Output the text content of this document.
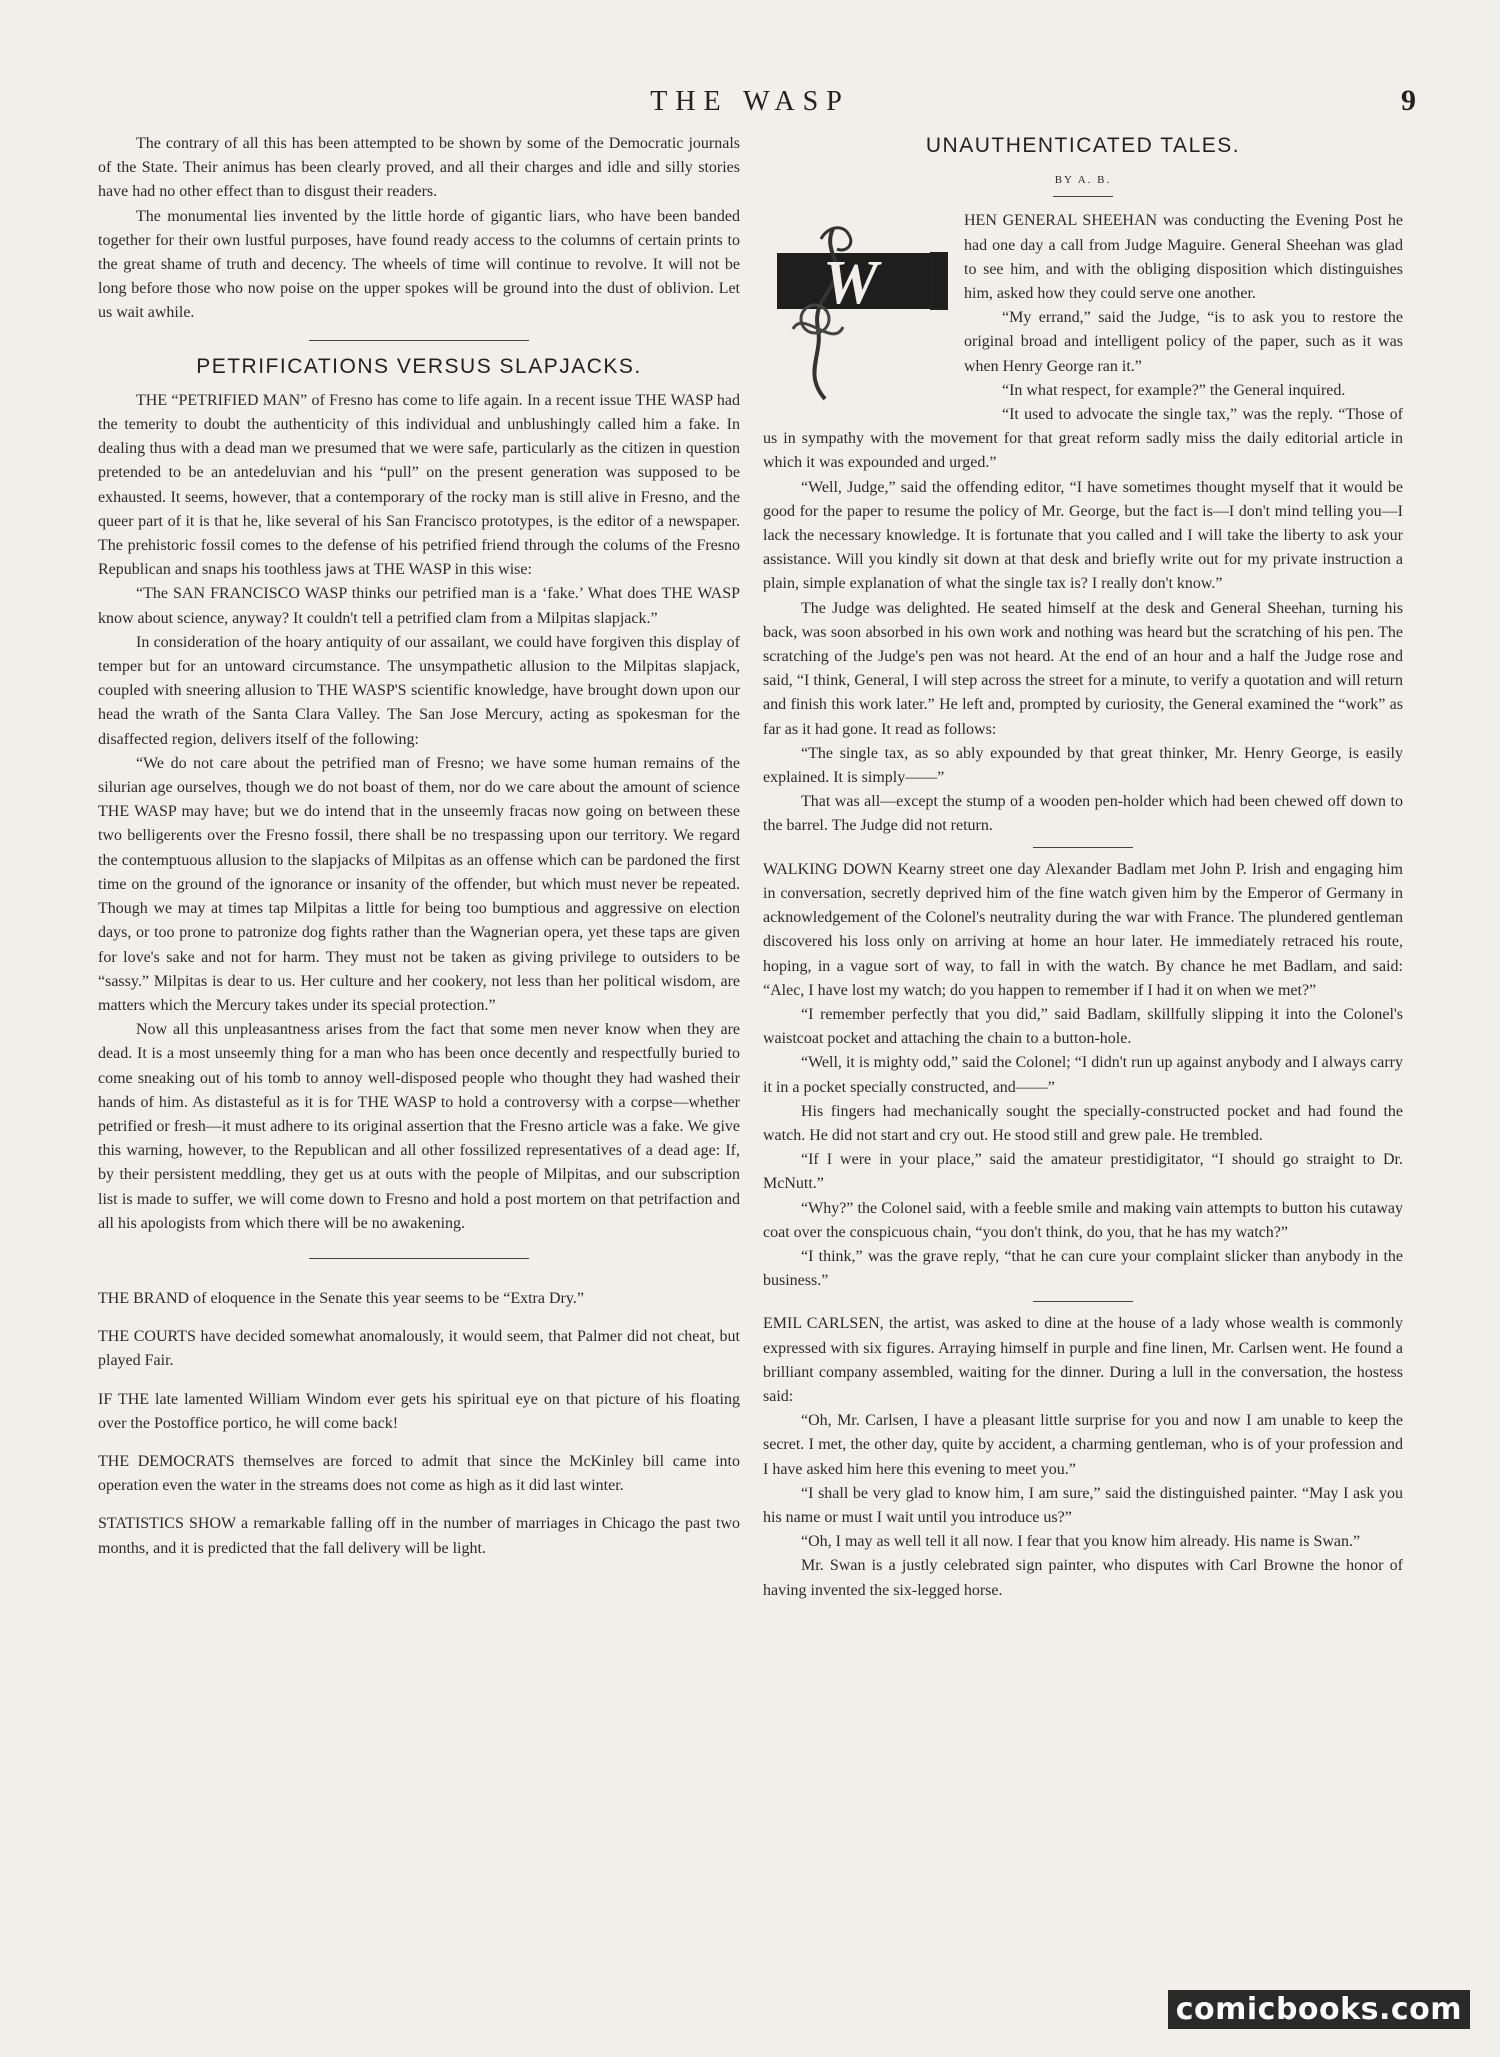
THE WASP	9

The contrary of all this has been attempted to be shown by some of the Democratic journals of the State. Their animus has been clearly proved, and all their charges and idle and silly stories have had no other effect than to disgust their readers.

The monumental lies invented by the little horde of gigantic liars, who have been banded together for their own lustful purposes, have found ready access to the columns of certain prints to the great shame of truth and decency. The wheels of time will continue to revolve. It will not be long before those who now poise on the upper spokes will be ground into the dust of oblivion. Let us wait awhile.

PETRIFICATIONS VERSUS SLAPJACKS.

THE “PETRIFIED MAN” of Fresno has come to life again. In a recent issue THE WASP had the temerity to doubt the authenticity of this individual and unblushingly called him a fake. In dealing thus with a dead man we presumed that we were safe, particularly as the citizen in question pretended to be an antedeluvian and his “pull” on the present generation was supposed to be exhausted. It seems, however, that a contemporary of the rocky man is still alive in Fresno, and the queer part of it is that he, like several of his San Francisco prototypes, is the editor of a newspaper. The prehistoric fossil comes to the defense of his petrified friend through the colums of the Fresno Republican and snaps his toothless jaws at THE WASP in this wise:

“The SAN FRANCISCO WASP thinks our petrified man is a ‘fake.’ What does THE WASP know about science, anyway? It couldn't tell a petrified clam from a Milpitas slapjack.”

In consideration of the hoary antiquity of our assailant, we could have forgiven this display of temper but for an untoward circumstance. The unsympathetic allusion to the Milpitas slapjack, coupled with sneering allusion to THE WASP'S scientific knowledge, have brought down upon our head the wrath of the Santa Clara Valley. The San Jose Mercury, acting as spokesman for the disaffected region, delivers itself of the following:

“We do not care about the petrified man of Fresno; we have some human remains of the silurian age ourselves, though we do not boast of them, nor do we care about the amount of science THE WASP may have; but we do intend that in the unseemly fracas now going on between these two belligerents over the Fresno fossil, there shall be no trespassing upon our territory. We regard the contemptuous allusion to the slapjacks of Milpitas as an offense which can be pardoned the first time on the ground of the ignorance or insanity of the offender, but which must never be repeated. Though we may at times tap Milpitas a little for being too bumptious and aggressive on election days, or too prone to patronize dog fights rather than the Wagnerian opera, yet these taps are given for love's sake and not for harm. They must not be taken as giving privilege to outsiders to be “sassy.” Milpitas is dear to us. Her culture and her cookery, not less than her political wisdom, are matters which the Mercury takes under its special protection.”

Now all this unpleasantness arises from the fact that some men never know when they are dead. It is a most unseemly thing for a man who has been once decently and respectfully buried to come sneaking out of his tomb to annoy well-disposed people who thought they had washed their hands of him. As distasteful as it is for THE WASP to hold a controversy with a corpse—whether petrified or fresh—it must adhere to its original assertion that the Fresno article was a fake. We give this warning, however, to the Republican and all other fossilized representatives of a dead age: If, by their persistent meddling, they get us at outs with the people of Milpitas, and our subscription list is made to suffer, we will come down to Fresno and hold a post mortem on that petrifaction and all his apologists from which there will be no awakening.

THE BRAND of eloquence in the Senate this year seems to be “Extra Dry.”

THE COURTS have decided somewhat anomalously, it would seem, that Palmer did not cheat, but played Fair.

IF THE late lamented William Windom ever gets his spiritual eye on that picture of his floating over the Postoffice portico, he will come back!

THE DEMOCRATS themselves are forced to admit that since the McKinley bill came into operation even the water in the streams does not come as high as it did last winter.

STATISTICS SHOW a remarkable falling off in the number of marriages in Chicago the past two months, and it is predicted that the fall delivery will be light.

UNAUTHENTICATED TALES.
BY A. B.
W

HEN GENERAL SHEEHAN was conducting the Evening Post he had one day a call from Judge Maguire. General Sheehan was glad to see him, and with the obliging disposition which distinguishes him, asked how they could serve one another.

“My errand,” said the Judge, “is to ask you to restore the original broad and intelligent policy of the paper, such as it was when Henry George ran it.”

“In what respect, for example?” the General inquired.

“It used to advocate the single tax,” was the reply. “Those of us in sympathy with the movement for that great reform sadly miss the daily editorial article in which it was expounded and urged.”

“Well, Judge,” said the offending editor, “I have sometimes thought myself that it would be good for the paper to resume the policy of Mr. George, but the fact is—I don't mind telling you—I lack the necessary knowledge. It is fortunate that you called and I will take the liberty to ask your assistance. Will you kindly sit down at that desk and briefly write out for my private instruction a plain, simple explanation of what the single tax is? I really don't know.”

The Judge was delighted. He seated himself at the desk and General Sheehan, turning his back, was soon absorbed in his own work and nothing was heard but the scratching of his pen. The scratching of the Judge's pen was not heard. At the end of an hour and a half the Judge rose and said, “I think, General, I will step across the street for a minute, to verify a quotation and will return and finish this work later.” He left and, prompted by curiosity, the General examined the “work” as far as it had gone. It read as follows:

“The single tax, as so ably expounded by that great thinker, Mr. Henry George, is easily explained. It is simply——”

That was all—except the stump of a wooden pen-holder which had been chewed off down to the barrel. The Judge did not return.

WALKING DOWN Kearny street one day Alexander Badlam met John P. Irish and engaging him in conversation, secretly deprived him of the fine watch given him by the Emperor of Germany in acknowledgement of the Colonel's neutrality during the war with France. The plundered gentleman discovered his loss only on arriving at home an hour later. He immediately retraced his route, hoping, in a vague sort of way, to fall in with the watch. By chance he met Badlam, and said: “Alec, I have lost my watch; do you happen to remember if I had it on when we met?”

“I remember perfectly that you did,” said Badlam, skillfully slipping it into the Colonel's waistcoat pocket and attaching the chain to a button-hole.

“Well, it is mighty odd,” said the Colonel; “I didn't run up against anybody and I always carry it in a pocket specially constructed, and——”

His fingers had mechanically sought the specially-constructed pocket and had found the watch. He did not start and cry out. He stood still and grew pale. He trembled.

“If I were in your place,” said the amateur prestidigitator, “I should go straight to Dr. McNutt.”

“Why?” the Colonel said, with a feeble smile and making vain attempts to button his cutaway coat over the conspicuous chain, “you don't think, do you, that he has my watch?”

“I think,” was the grave reply, “that he can cure your complaint slicker than anybody in the business.”

EMIL CARLSEN, the artist, was asked to dine at the house of a lady whose wealth is commonly expressed with six figures. Arraying himself in purple and fine linen, Mr. Carlsen went. He found a brilliant company assembled, waiting for the dinner. During a lull in the conversation, the hostess said:

“Oh, Mr. Carlsen, I have a pleasant little surprise for you and now I am unable to keep the secret. I met, the other day, quite by accident, a charming gentleman, who is of your profession and I have asked him here this evening to meet you.”

“I shall be very glad to know him, I am sure,” said the distinguished painter. “May I ask you his name or must I wait until you introduce us?”

“Oh, I may as well tell it all now. I fear that you know him already. His name is Swan.”

Mr. Swan is a justly celebrated sign painter, who disputes with Carl Browne the honor of having invented the six-legged horse.

comicbooks.com
